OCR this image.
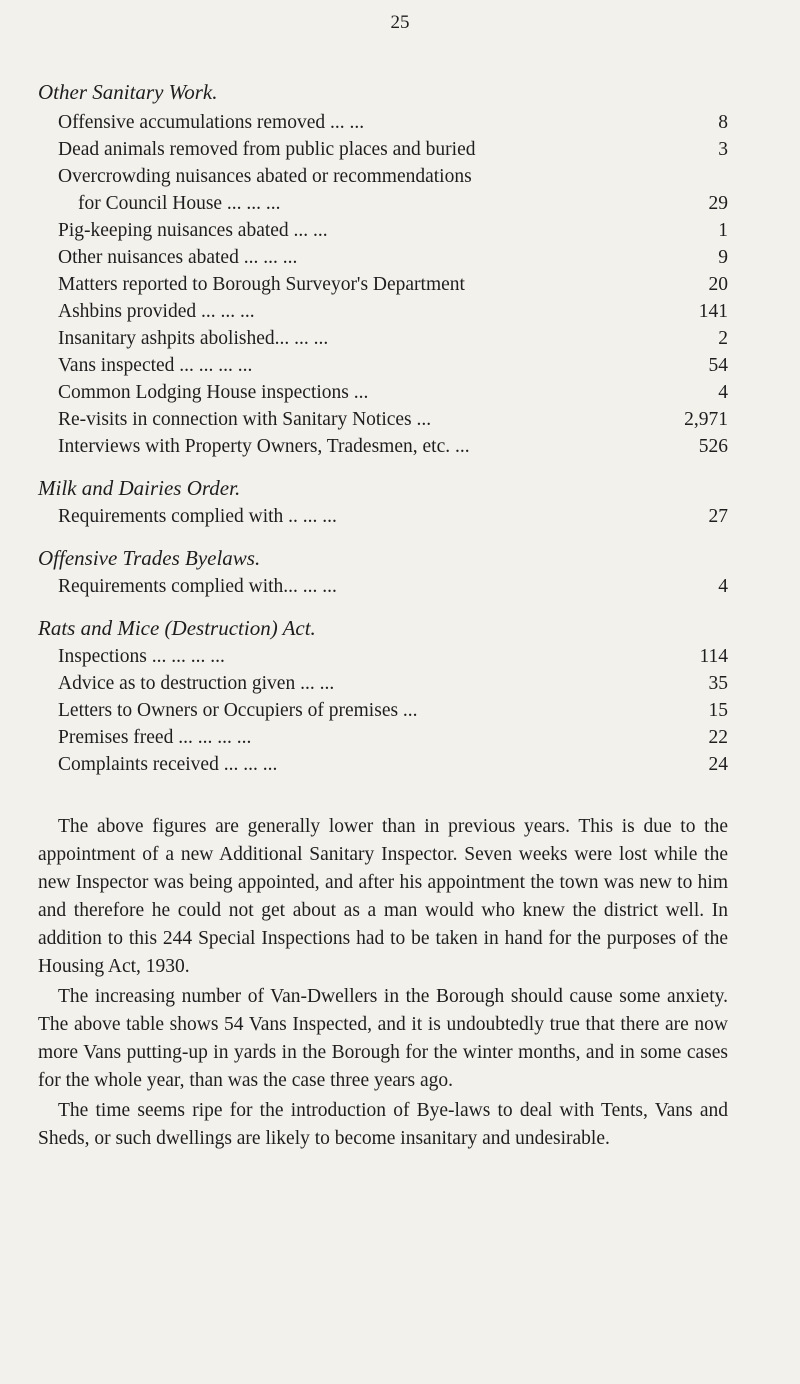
25
Other Sanitary Work.
Offensive accumulations removed ... ...	8
Dead animals removed from public places and buried	3
Overcrowding nuisances abated or recommendations
for Council House ... ... ...	29
Pig-keeping nuisances abated ... ...	1
Other nuisances abated ... ... ...	9
Matters reported to Borough Surveyor's Department	20
Ashbins provided ... ... ...	141
Insanitary ashpits abolished... ... ...	2
Vans inspected ... ... ... ...	54
Common Lodging House inspections ...	4
Re-visits in connection with Sanitary Notices ...	2,971
Interviews with Property Owners, Tradesmen, etc. ...	526
Milk and Dairies Order.
Requirements complied with .. ... ...	27
Offensive Trades Byelaws.
Requirements complied with... ... ...	4
Rats and Mice (Destruction) Act.
Inspections ... ... ... ...	114
Advice as to destruction given ... ...	35
Letters to Owners or Occupiers of premises ...	15
Premises freed ... ... ... ...	22
Complaints received ... ... ...	24

The above figures are generally lower than in previous years. This is due to the appointment of a new Additional Sanitary Inspector. Seven weeks were lost while the new Inspector was being appointed, and after his appointment the town was new to him and therefore he could not get about as a man would who knew the district well. In addition to this 244 Special Inspections had to be taken in hand for the purposes of the Housing Act, 1930.

The increasing number of Van-Dwellers in the Borough should cause some anxiety. The above table shows 54 Vans Inspected, and it is undoubtedly true that there are now more Vans putting-up in yards in the Borough for the winter months, and in some cases for the whole year, than was the case three years ago.

The time seems ripe for the introduction of Bye-laws to deal with Tents, Vans and Sheds, or such dwellings are likely to become insanitary and undesirable.
